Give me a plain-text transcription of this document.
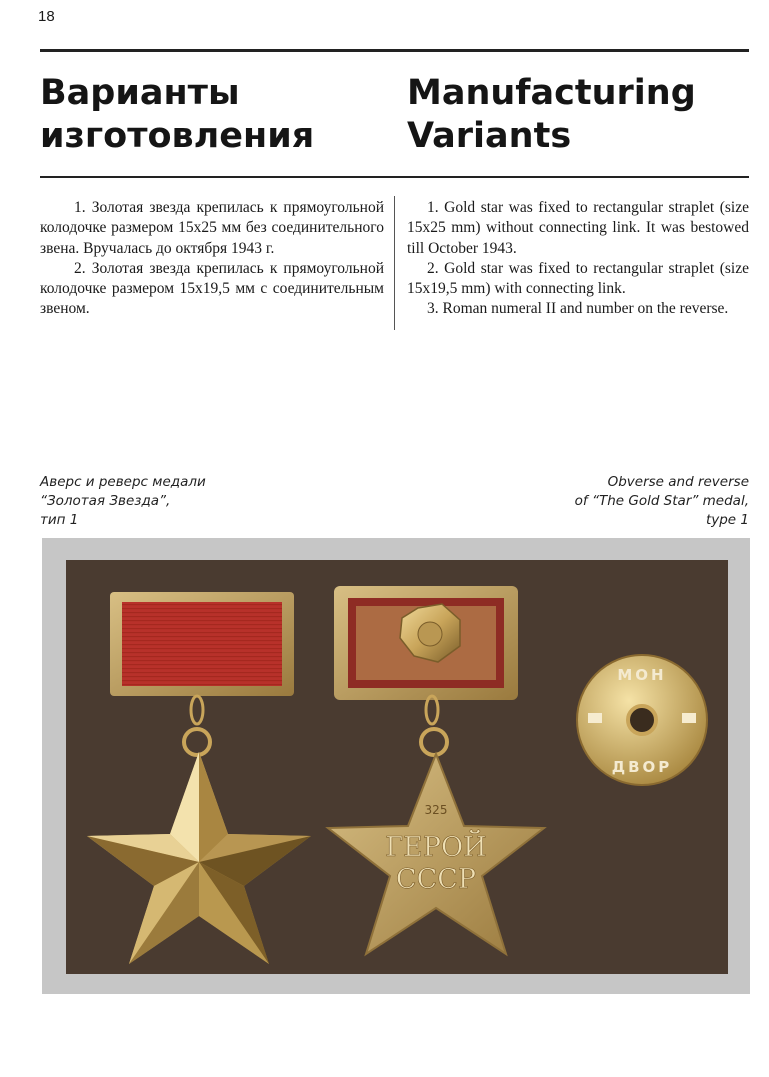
18
Варианты
изготовления
Manufacturing
Variants

1. Золотая звезда крепилась к прямоугольной колодочке размером 15x25 мм без соединительного звена. Вручалась до октября 1943 г.

2. Золотая звезда крепилась к прямоугольной колодочке размером 15x19,5 мм с соединительным звеном.

1. Gold star was fixed to rectangular straplet (size 15x25 mm) without connecting link. It was bestowed till October 1943.

2. Gold star was fixed to rectangular straplet (size 15x19,5 mm) with connecting link.

3. Roman numeral II and number on the reverse.

Аверс и реверс медали
“Золотая Звезда”,
тип 1
Obverse and reverse
of “The Gold Star” medal,
type 1
325
ГЕРОЙ
СССР
МОН
ДВОР
